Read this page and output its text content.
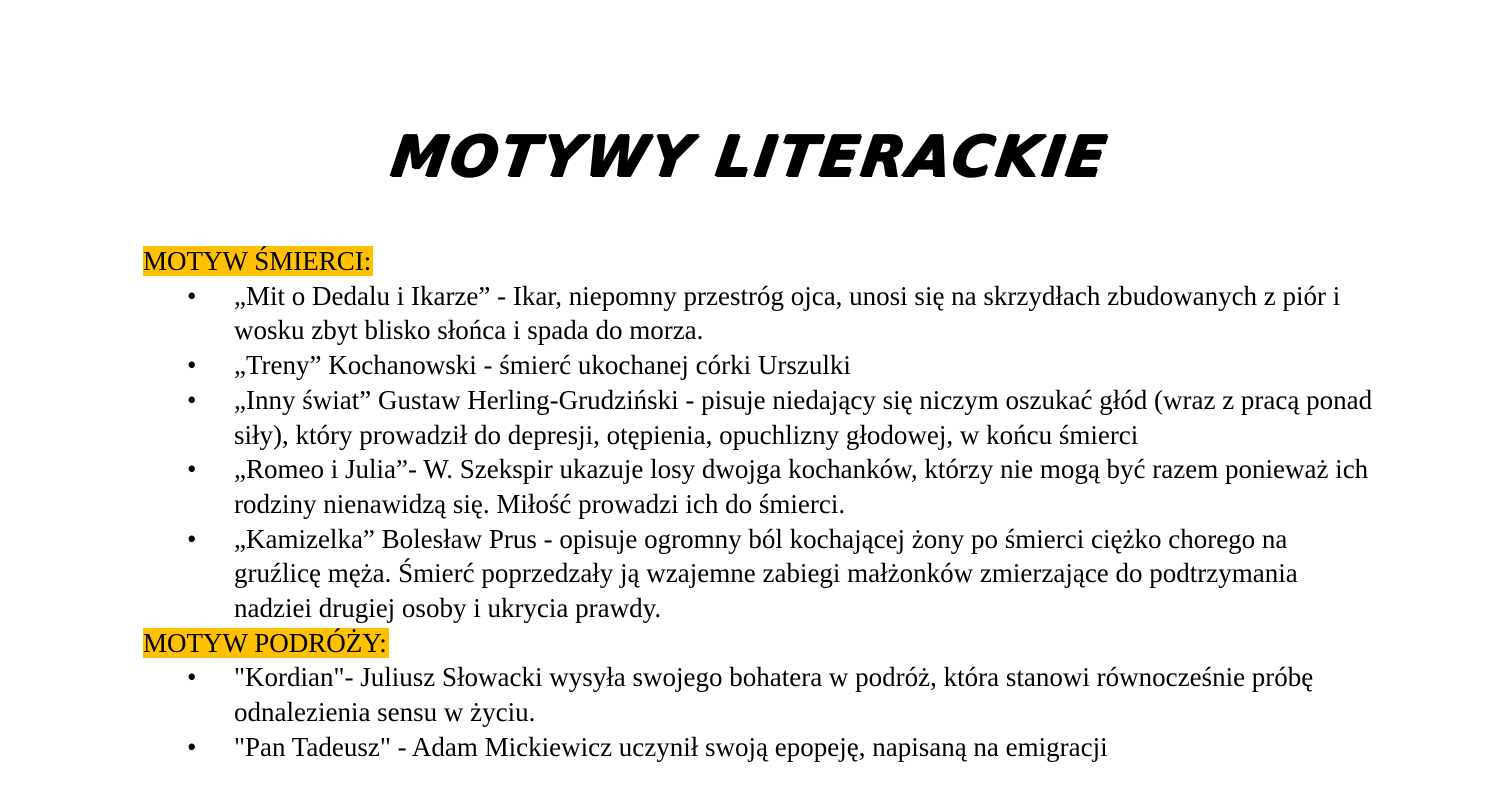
MOTYWY LITERACKIE

MOTYW ŚMIERCI:

• „Mit o Dedalu i Ikarze” - Ikar, niepomny przestróg ojca, unosi się na skrzydłach zbudowanych z piór i wosku zbyt blisko słońca i spada do morza.
• „Treny” Kochanowski - śmierć ukochanej córki Urszulki
• „Inny świat” Gustaw Herling-Grudziński - pisuje niedający się niczym oszukać głód (wraz z pracą ponad siły), który prowadził do depresji, otępienia, opuchlizny głodowej, w końcu śmierci
• „Romeo i Julia”- W. Szekspir ukazuje losy dwojga kochanków, którzy nie mogą być razem ponieważ ich rodziny nienawidzą się. Miłość prowadzi ich do śmierci.
• „Kamizelka” Bolesław Prus - opisuje ogromny ból kochającej żony po śmierci ciężko chorego na gruźlicę męża. Śmierć poprzedzały ją wzajemne zabiegi małżonków zmierzające do podtrzymania nadziei drugiej osoby i ukrycia prawdy.

MOTYW PODRÓŻY:

• "Kordian"- Juliusz Słowacki wysyła swojego bohatera w podróż, która stanowi równocześnie próbę odnalezienia sensu w życiu.
• "Pan Tadeusz" - Adam Mickiewicz uczynił swoją epopeję, napisaną na emigracji
